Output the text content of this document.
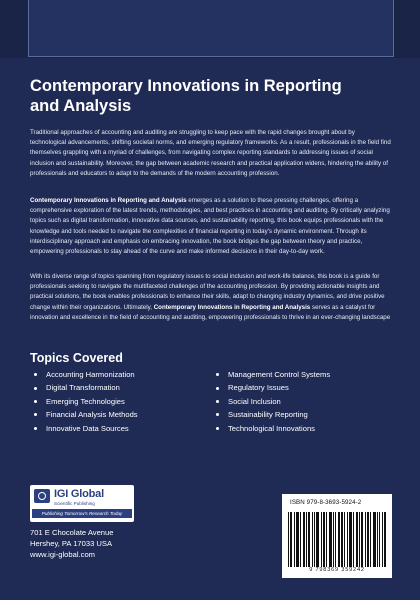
Contemporary Innovations in Reporting and Analysis

Traditional approaches of accounting and auditing are struggling to keep pace with the rapid changes brought about by technological advancements, shifting societal norms, and emerging regulatory frameworks. As a result, professionals in the field find themselves grappling with a myriad of challenges, from navigating complex reporting standards to addressing issues of social inclusion and sustainability. Moreover, the gap between academic research and practical application widens, hindering the ability of professionals and educators to adapt to the demands of the modern accounting profession.

Contemporary Innovations in Reporting and Analysis emerges as a solution to these pressing challenges, offering a comprehensive exploration of the latest trends, methodologies, and best practices in accounting and auditing. By critically analyzing topics such as digital transformation, innovative data sources, and sustainability reporting, this book equips professionals with the knowledge and tools needed to navigate the complexities of financial reporting in today's dynamic environment. Through its interdisciplinary approach and emphasis on embracing innovation, the book bridges the gap between theory and practice, empowering professionals to stay ahead of the curve and make informed decisions in their day-to-day work.

With its diverse range of topics spanning from regulatory issues to social inclusion and work-life balance, this book is a guide for professionals seeking to navigate the multifaceted challenges of the accounting profession. By providing actionable insights and practical solutions, the book enables professionals to enhance their skills, adapt to changing industry dynamics, and drive positive change within their organizations. Ultimately, Contemporary Innovations in Reporting and Analysis serves as a catalyst for innovation and excellence in the field of accounting and auditing, empowering professionals to thrive in an ever-changing landscape

Topics Covered
Accounting Harmonization
Digital Transformation
Emerging Technologies
Financial Analysis Methods
Innovative Data Sources
Management Control Systems
Regulatory Issues
Social Inclusion
Sustainability Reporting
Technological Innovations
IGI Global
Scientific Publishing
Publishing Tomorrow's Research Today
701 E Chocolate Avenue
Hershey, PA 17033 USA
www.igi-global.com
ISBN 979-8-3693-5924-2
9 798369 359242
